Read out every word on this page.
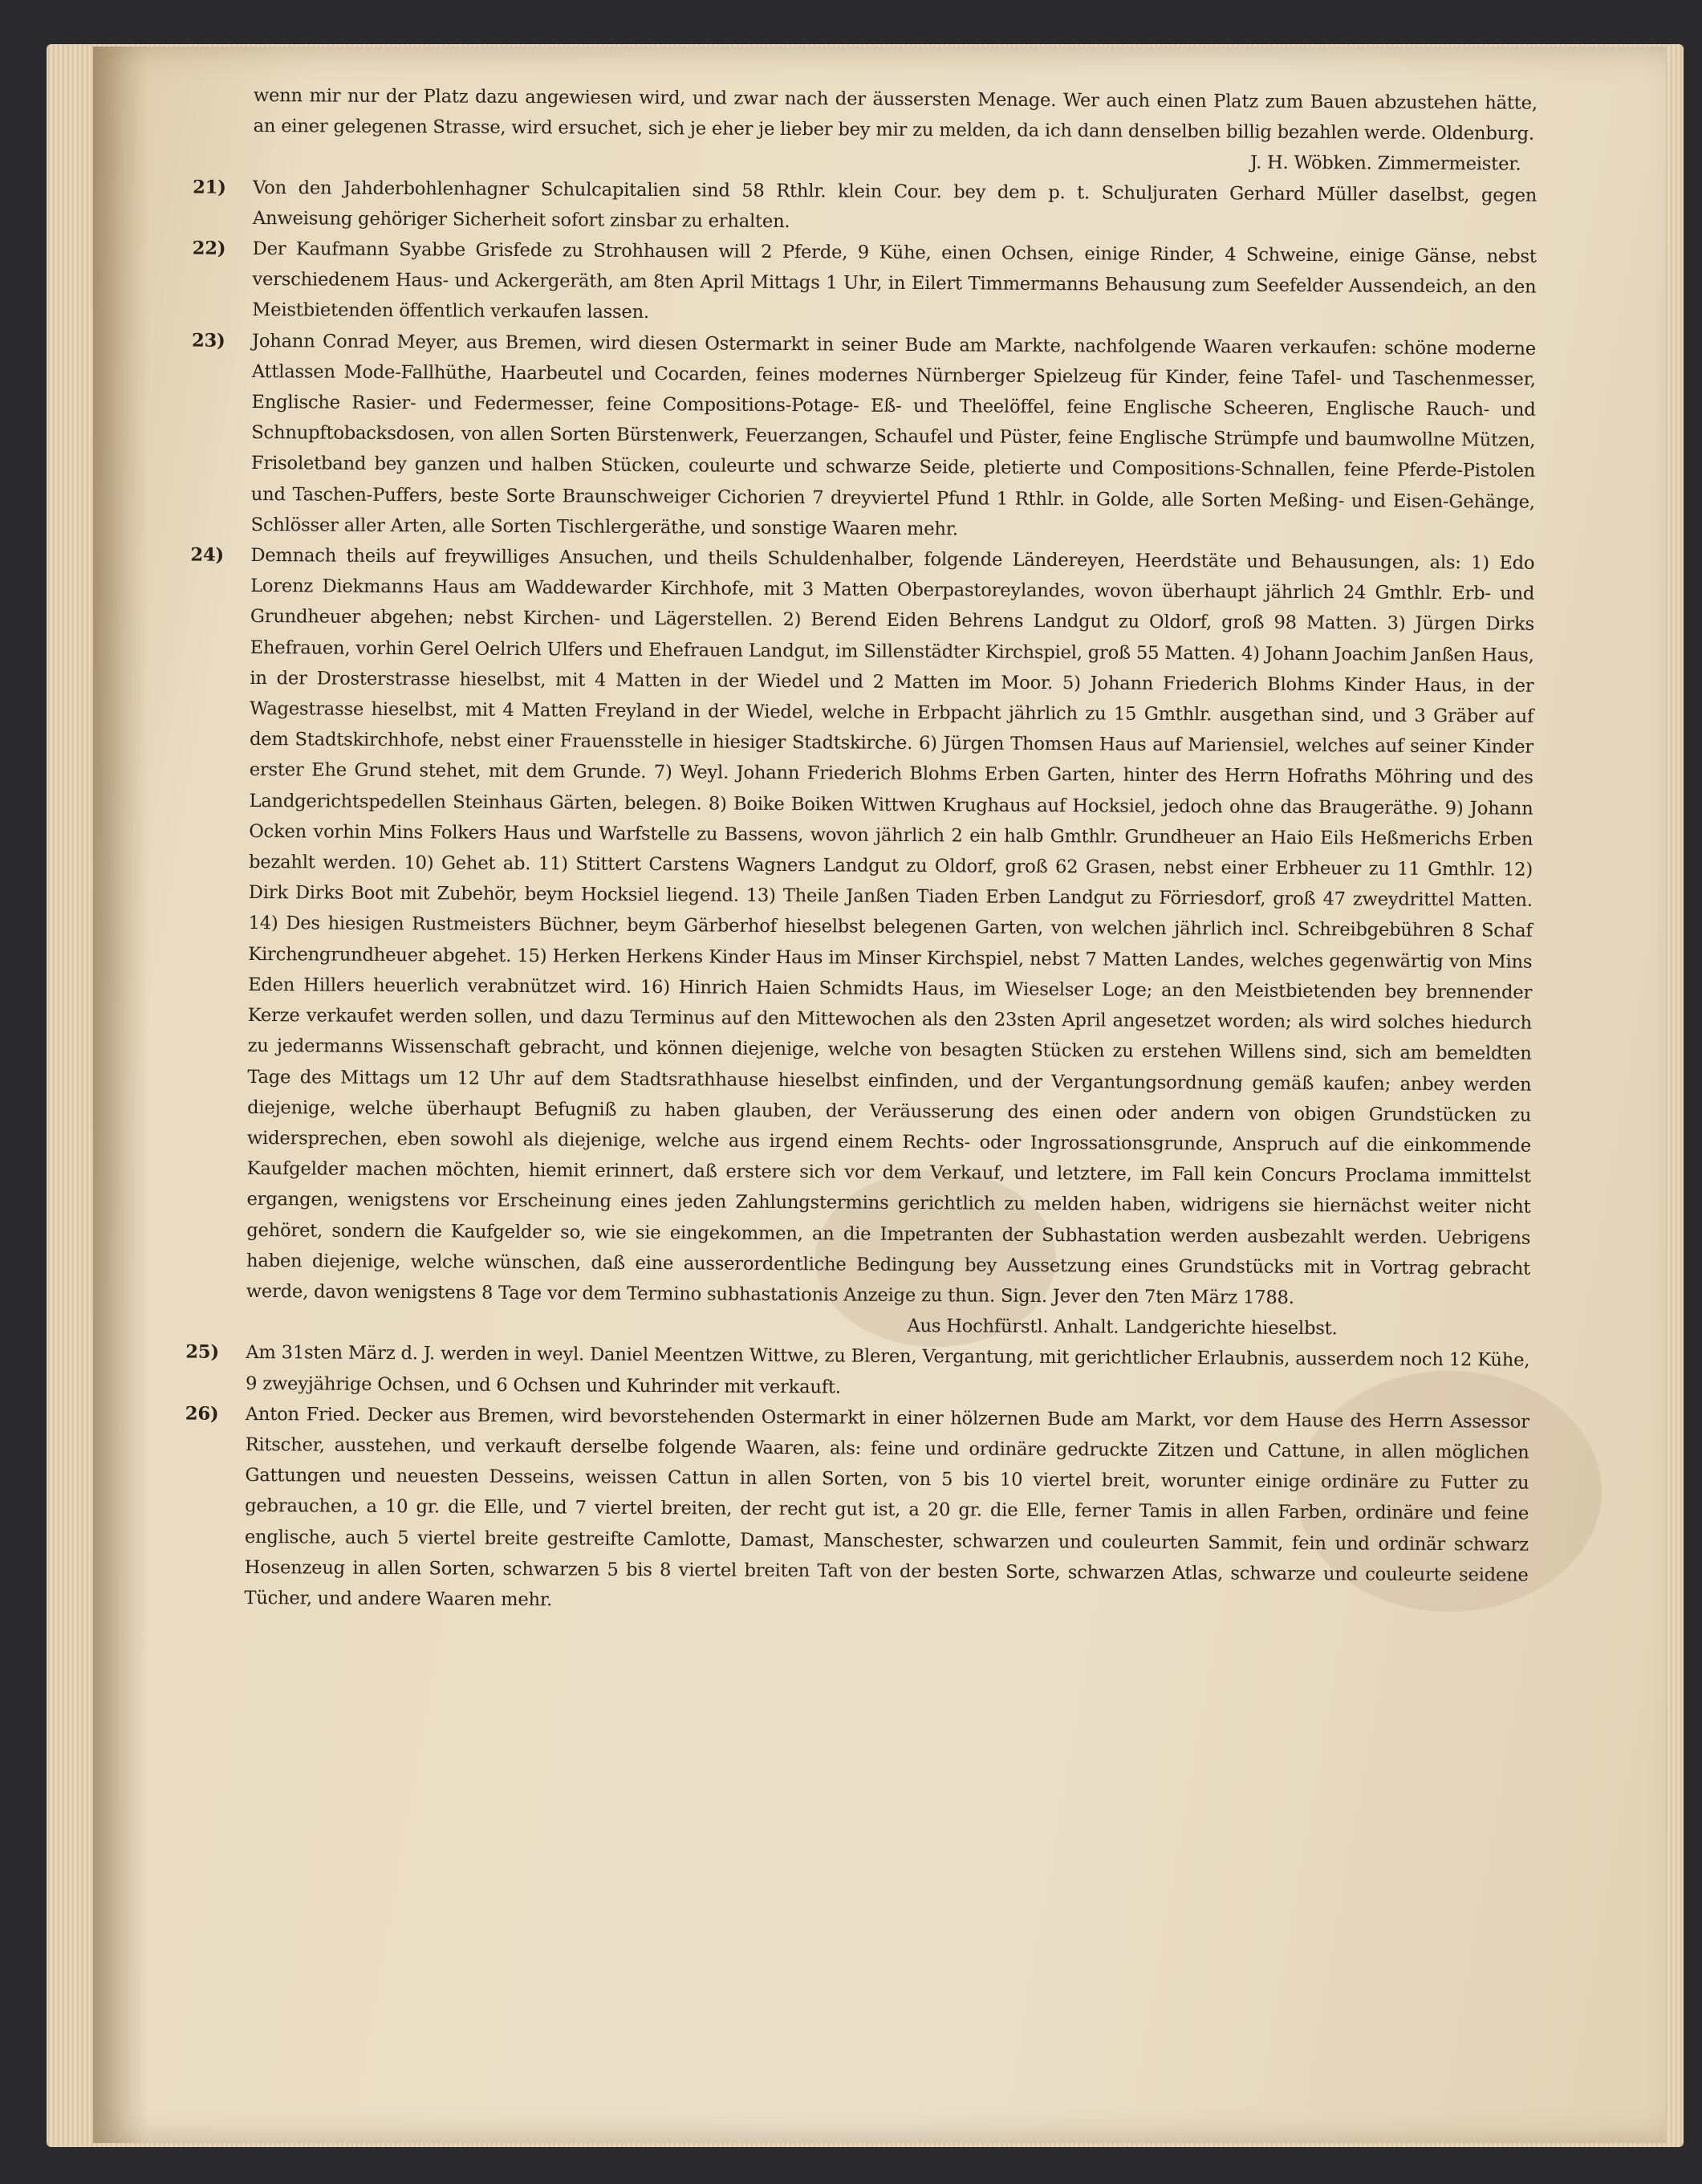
wenn mir nur der Platz dazu angewiesen wird, und zwar nach der äussersten Menage. Wer auch einen Platz zum Bauen abzustehen hätte, an einer gelegenen Strasse, wird ersuchet, sich je eher je lieber bey mir zu melden, da ich dann denselben billig bezahlen werde. Oldenburg.

J. H. Wöbken. Zimmermeister.

21) Von den Jahderbohlenhagner Schulcapitalien sind 58 Rthlr. klein Cour. bey dem p. t. Schuljuraten Gerhard Müller daselbst, gegen Anweisung gehöriger Sicherheit sofort zinsbar zu erhalten.

22) Der Kaufmann Syabbe Grisfede zu Strohhausen will 2 Pferde, 9 Kühe, einen Ochsen, einige Rinder, 4 Schweine, einige Gänse, nebst verschiedenem Haus- und Ackergeräth, am 8ten April Mittags 1 Uhr, in Eilert Timmermanns Behausung zum Seefelder Aussendeich, an den Meistbietenden öffentlich verkaufen lassen.

23) Johann Conrad Meyer, aus Bremen, wird diesen Ostermarkt in seiner Bude am Markte, nachfolgende Waaren verkaufen: schöne moderne Attlassen Mode-Fallhüthe, Haarbeutel und Cocarden, feines modernes Nürnberger Spielzeug für Kinder, feine Tafel- und Taschenmesser, Englische Rasier- und Federmesser, feine Compositions-Potage- Eß- und Theelöffel, feine Englische Scheeren, Englische Rauch- und Schnupftobacksdosen, von allen Sorten Bürstenwerk, Feuerzangen, Schaufel und Püster, feine Englische Strümpfe und baumwollne Mützen, Frisoletband bey ganzen und halben Stücken, couleurte und schwarze Seide, pletierte und Compositions-Schnallen, feine Pferde-Pistolen und Taschen-Puffers, beste Sorte Braunschweiger Cichorien 7 dreyviertel Pfund 1 Rthlr. in Golde, alle Sorten Meßing- und Eisen-Gehänge, Schlösser aller Arten, alle Sorten Tischlergeräthe, und sonstige Waaren mehr.

24) Demnach theils auf freywilliges Ansuchen, und theils Schuldenhalber, folgende Ländereyen, Heerdstäte und Behausungen, als: 1) Edo Lorenz Diekmanns Haus am Waddewarder Kirchhofe, mit 3 Matten Oberpastoreylandes, wovon überhaupt jährlich 24 Gmthlr. Erb- und Grundheuer abgehen; nebst Kirchen- und Lägerstellen. 2) Berend Eiden Behrens Landgut zu Oldorf, groß 98 Matten. 3) Jürgen Dirks Ehefrauen, vorhin Gerel Oelrich Ulfers und Ehefrauen Landgut, im Sillenstädter Kirchspiel, groß 55 Matten. 4) Johann Joachim Janßen Haus, in der Drosterstrasse hieselbst, mit 4 Matten in der Wiedel und 2 Matten im Moor. 5) Johann Friederich Blohms Kinder Haus, in der Wagestrasse hieselbst, mit 4 Matten Freyland in der Wiedel, welche in Erbpacht jährlich zu 15 Gmthlr. ausgethan sind, und 3 Gräber auf dem Stadtskirchhofe, nebst einer Frauensstelle in hiesiger Stadtskirche. 6) Jürgen Thomsen Haus auf Mariensiel, welches auf seiner Kinder erster Ehe Grund stehet, mit dem Grunde. 7) Weyl. Johann Friederich Blohms Erben Garten, hinter des Herrn Hofraths Möhring und des Landgerichtspedellen Steinhaus Gärten, belegen. 8) Boike Boiken Wittwen Krughaus auf Hocksiel, jedoch ohne das Braugeräthe. 9) Johann Ocken vorhin Mins Folkers Haus und Warfstelle zu Bassens, wovon jährlich 2 ein halb Gmthlr. Grundheuer an Haio Eils Heßmerichs Erben bezahlt werden. 10) Gehet ab. 11) Stittert Carstens Wagners Landgut zu Oldorf, groß 62 Grasen, nebst einer Erbheuer zu 11 Gmthlr. 12) Dirk Dirks Boot mit Zubehör, beym Hocksiel liegend. 13) Theile Janßen Tiaden Erben Landgut zu Förriesdorf, groß 47 zweydrittel Matten. 14) Des hiesigen Rustmeisters Büchner, beym Gärberhof hieselbst belegenen Garten, von welchen jährlich incl. Schreibgebühren 8 Schaf Kirchengrundheuer abgehet. 15) Herken Herkens Kinder Haus im Minser Kirchspiel, nebst 7 Matten Landes, welches gegenwärtig von Mins Eden Hillers heuerlich verabnützet wird. 16) Hinrich Haien Schmidts Haus, im Wieselser Loge; an den Meistbietenden bey brennender Kerze verkaufet werden sollen, und dazu Terminus auf den Mittewochen als den 23sten April angesetzet worden; als wird solches hiedurch zu jedermanns Wissenschaft gebracht, und können diejenige, welche von besagten Stücken zu erstehen Willens sind, sich am bemeldten Tage des Mittags um 12 Uhr auf dem Stadtsrathhause hieselbst einfinden, und der Vergantungsordnung gemäß kaufen; anbey werden diejenige, welche überhaupt Befugniß zu haben glauben, der Veräusserung des einen oder andern von obigen Grundstücken zu widersprechen, eben sowohl als diejenige, welche aus irgend einem Rechts- oder Ingrossationsgrunde, Anspruch auf die einkommende Kaufgelder machen möchten, hiemit erinnert, daß erstere sich vor dem Verkauf, und letztere, im Fall kein Concurs Proclama immittelst ergangen, wenigstens vor Erscheinung eines jeden Zahlungstermins gerichtlich zu melden haben, widrigens sie hiernächst weiter nicht gehöret, sondern die Kaufgelder so, wie sie eingekommen, an die Impetranten der Subhastation werden ausbezahlt werden. Uebrigens haben diejenige, welche wünschen, daß eine ausserordentliche Bedingung bey Aussetzung eines Grundstücks mit in Vortrag gebracht werde, davon wenigstens 8 Tage vor dem Termino subhastationis Anzeige zu thun. Sign. Jever den 7ten März 1788.

Aus Hochfürstl. Anhalt. Landgerichte hieselbst.

25) Am 31sten März d. J. werden in weyl. Daniel Meentzen Wittwe, zu Bleren, Vergantung, mit gerichtlicher Erlaubnis, ausserdem noch 12 Kühe, 9 zweyjährige Ochsen, und 6 Ochsen und Kuhrinder mit verkauft.

26) Anton Fried. Decker aus Bremen, wird bevorstehenden Ostermarkt in einer hölzernen Bude am Markt, vor dem Hause des Herrn Assessor Ritscher, ausstehen, und verkauft derselbe folgende Waaren, als: feine und ordinäre gedruckte Zitzen und Cattune, in allen möglichen Gattungen und neuesten Desseins, weissen Cattun in allen Sorten, von 5 bis 10 viertel breit, worunter einige ordinäre zu Futter zu gebrauchen, a 10 gr. die Elle, und 7 viertel breiten, der recht gut ist, a 20 gr. die Elle, ferner Tamis in allen Farben, ordinäre und feine englische, auch 5 viertel breite gestreifte Camlotte, Damast, Manschester, schwarzen und couleurten Sammit, fein und ordinär schwarz Hosenzeug in allen Sorten, schwarzen 5 bis 8 viertel breiten Taft von der besten Sorte, schwarzen Atlas, schwarze und couleurte seidene Tücher, und andere Waaren mehr.
